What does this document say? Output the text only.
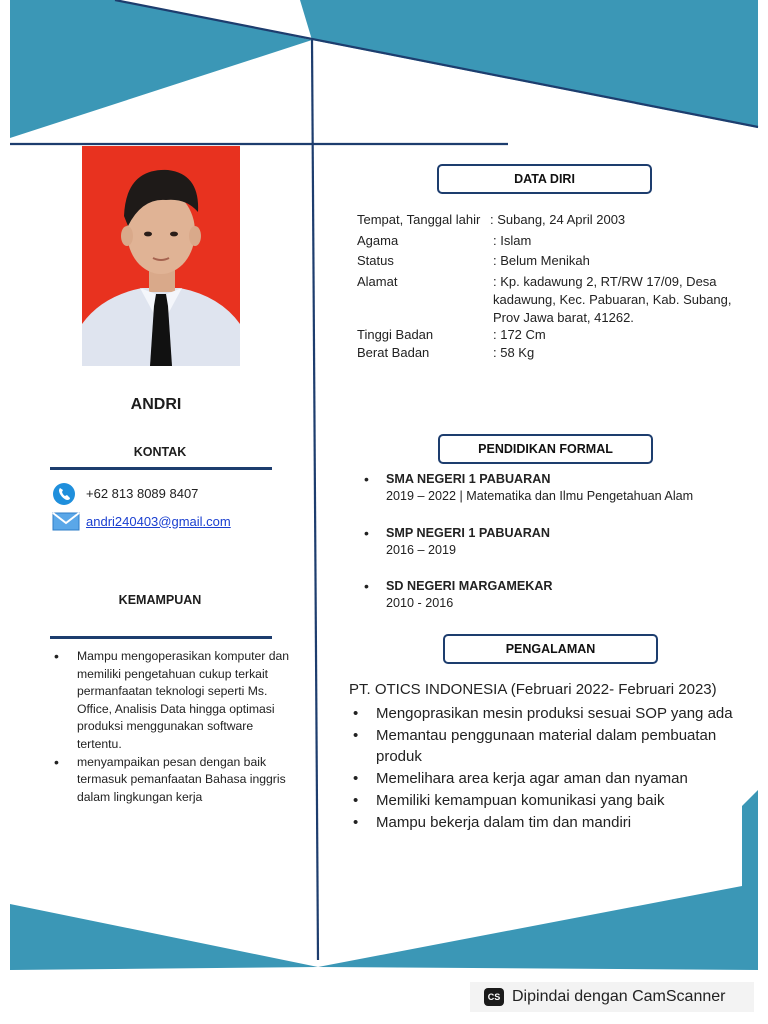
ANDRI
KONTAK
+62 813 8089 8407
andri240403@gmail.com
KEMAMPUAN
• Mampu mengoperasikan komputer dan memiliki pengetahuan cukup terkait permanfaatan teknologi seperti Ms. Office, Analisis Data hingga optimasi produksi menggunakan software tertentu.
• menyampaikan pesan dengan baik termasuk pemanfaatan Bahasa inggris dalam lingkungan kerja
DATA DIRI
Tempat, Tanggal lahir : Subang, 24 April 2003
Agama	: Islam
Status	: Belum Menikah
Alamat	: Kp. kadawung 2, RT/RW 17/09, Desa kadawung, Kec. Pabuaran, Kab. Subang, Prov Jawa barat, 41262.
Tinggi Badan	: 172 Cm
Berat Badan	: 58 Kg
PENDIDIKAN FORMAL
• SMA NEGERI 1 PABUARAN
2019 – 2022 | Matematika dan Ilmu Pengetahuan Alam
• SMP NEGERI 1 PABUARAN
2016 – 2019
• SD NEGERI MARGAMEKAR
2010 - 2016
PENGALAMAN
PT. OTICS INDONESIA (Februari 2022- Februari 2023)
• Mengoprasikan mesin produksi sesuai SOP yang ada
• Memantau penggunaan material dalam pembuatan produk
• Memelihara area kerja agar aman dan nyaman
• Memiliki kemampuan komunikasi yang baik
• Mampu bekerja dalam tim dan mandiri
CS Dipindai dengan CamScanner
